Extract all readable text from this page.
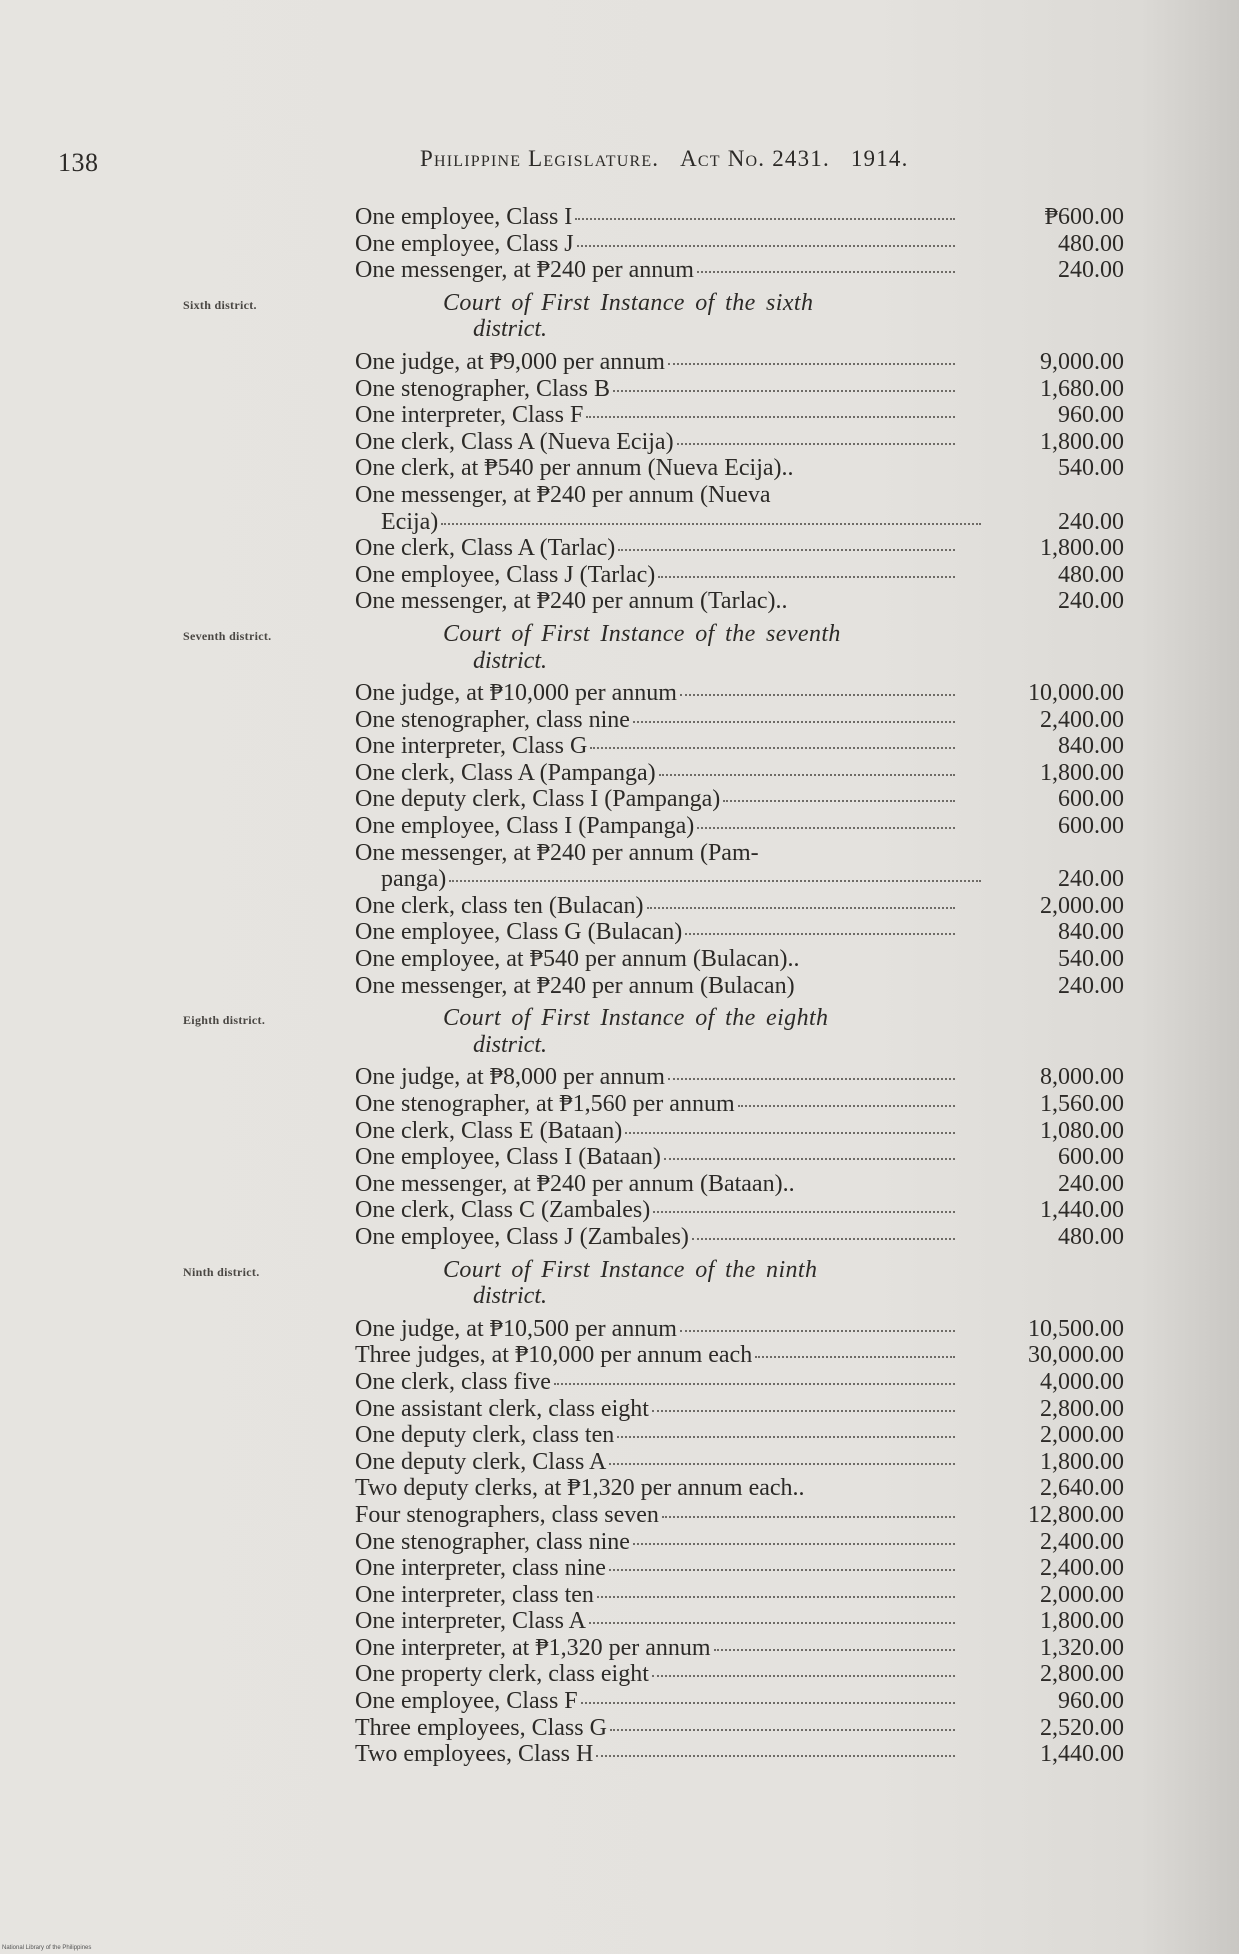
138	Philippine Legislature. Act No. 2431. 1914.
One employee, Class I	₱600.00
One employee, Class J	480.00
One messenger, at ₱240 per annum	240.00
Sixth district.	Court of First Instance of the sixth
district.
One judge, at ₱9,000 per annum	9,000.00
One stenographer, Class B	1,680.00
One interpreter, Class F	960.00
One clerk, Class A (Nueva Ecija)	1,800.00
One clerk, at ₱540 per annum (Nueva Ecija)..	540.00
One messenger, at ₱240 per annum (Nueva
Ecija)	240.00
One clerk, Class A (Tarlac)	1,800.00
One employee, Class J (Tarlac)	480.00
One messenger, at ₱240 per annum (Tarlac)..	240.00
Seventh district.	Court of First Instance of the seventh
district.
One judge, at ₱10,000 per annum	10,000.00
One stenographer, class nine	2,400.00
One interpreter, Class G	840.00
One clerk, Class A (Pampanga)	1,800.00
One deputy clerk, Class I (Pampanga)	600.00
One employee, Class I (Pampanga)	600.00
One messenger, at ₱240 per annum (Pam-
panga)	240.00
One clerk, class ten (Bulacan)	2,000.00
One employee, Class G (Bulacan)	840.00
One employee, at ₱540 per annum (Bulacan)..	540.00
One messenger, at ₱240 per annum (Bulacan)	240.00
Eighth district.	Court of First Instance of the eighth
district.
One judge, at ₱8,000 per annum	8,000.00
One stenographer, at ₱1,560 per annum	1,560.00
One clerk, Class E (Bataan)	1,080.00
One employee, Class I (Bataan)	600.00
One messenger, at ₱240 per annum (Bataan)..	240.00
One clerk, Class C (Zambales)	1,440.00
One employee, Class J (Zambales)	480.00
Ninth district.	Court of First Instance of the ninth
district.
One judge, at ₱10,500 per annum	10,500.00
Three judges, at ₱10,000 per annum each	30,000.00
One clerk, class five	4,000.00
One assistant clerk, class eight	2,800.00
One deputy clerk, class ten	2,000.00
One deputy clerk, Class A	1,800.00
Two deputy clerks, at ₱1,320 per annum each..	2,640.00
Four stenographers, class seven	12,800.00
One stenographer, class nine	2,400.00
One interpreter, class nine	2,400.00
One interpreter, class ten	2,000.00
One interpreter, Class A	1,800.00
One interpreter, at ₱1,320 per annum	1,320.00
One property clerk, class eight	2,800.00
One employee, Class F	960.00
Three employees, Class G	2,520.00
Two employees, Class H	1,440.00
National Library of the Philippines
